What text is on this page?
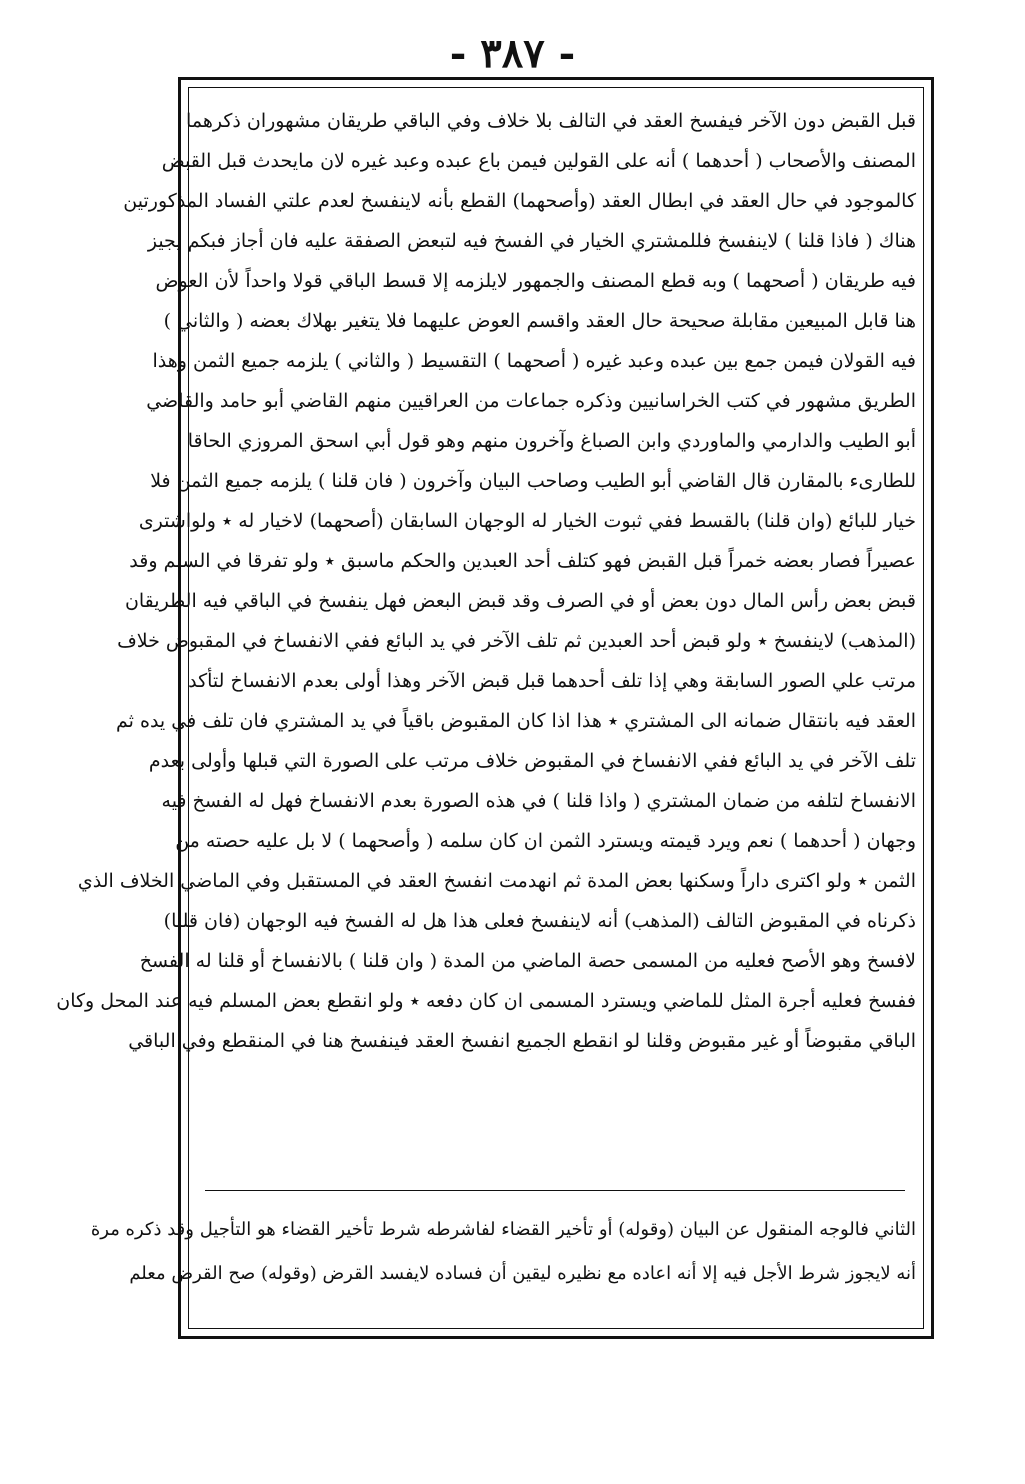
- ٣٨٧ -
قبل القبض دون الآخر فيفسخ العقد في التالف بلا خلاف وفي الباقي طريقان مشهوران ذكرهما
المصنف والأصحاب ( أحدهما ) أنه على القولين فيمن باع عبده وعبد غيره لان مايحدث قبل القبض
كالموجود في حال العقد في ابطال العقد (وأصحهما) القطع بأنه لاينفسخ لعدم علتي الفساد المذكورتين
هناك ( فاذا قلنا ) لاينفسخ فللمشتري الخيار في الفسخ فيه لتبعض الصفقة عليه فان أجاز فبكم يجيز
فيه طريقان ( أصحهما ) وبه قطع المصنف والجمهور لايلزمه إلا قسط الباقي قولا واحداً لأن العوض
هنا قابل المبيعين مقابلة صحيحة حال العقد واقسم العوض عليهما فلا يتغير بهلاك بعضه ( والثاني )
فيه القولان فيمن جمع بين عبده وعبد غيره ( أصحهما ) التقسيط ( والثاني ) يلزمه جميع الثمن وهذا
الطريق مشهور في كتب الخراسانيين وذكره جماعات من العراقيين منهم القاضي أبو حامد والقاضي
أبو الطيب والدارمي والماوردي وابن الصباغ وآخرون منهم وهو قول أبي اسحق المروزي الحاقا
للطارىء بالمقارن قال القاضي أبو الطيب وصاحب البيان وآخرون ( فان قلنا ) يلزمه جميع الثمن فلا
خيار للبائع (وان قلنا) بالقسط ففي ثبوت الخيار له الوجهان السابقان (أصحهما) لاخيار له ٭ ولواشترى
عصيراً فصار بعضه خمراً قبل القبض فهو كتلف أحد العبدين والحكم ماسبق ٭ ولو تفرقا في السلم وقد
قبض بعض رأس المال دون بعض أو في الصرف وقد قبض البعض فهل ينفسخ في الباقي فيه الطريقان
(المذهب) لاينفسخ ٭ ولو قبض أحد العبدين ثم تلف الآخر في يد البائع ففي الانفساخ في المقبوض خلاف
مرتب علي الصور السابقة وهي إذا تلف أحدهما قبل قبض الآخر وهذا أولى بعدم الانفساخ لتأكد
العقد فيه بانتقال ضمانه الى المشتري ٭ هذا اذا كان المقبوض باقياً في يد المشتري فان تلف في يده ثم
تلف الآخر في يد البائع ففي الانفساخ في المقبوض خلاف مرتب على الصورة التي قبلها وأولى بعدم
الانفساخ لتلفه من ضمان المشتري ( واذا قلنا ) في هذه الصورة بعدم الانفساخ فهل له الفسخ فيه
وجهان ( أحدهما ) نعم ويرد قيمته ويسترد الثمن ان كان سلمه ( وأصحهما ) لا بل عليه حصته من
الثمن ٭ ولو اكترى داراً وسكنها بعض المدة ثم انهدمت انفسخ العقد في المستقبل وفي الماضي الخلاف الذي
ذكرناه في المقبوض التالف (المذهب) أنه لاينفسخ فعلى هذا هل له الفسخ فيه الوجهان (فان قلنا)
لافسخ وهو الأصح فعليه من المسمى حصة الماضي من المدة ( وان قلنا ) بالانفساخ أو قلنا له الفسخ
ففسخ فعليه أجرة المثل للماضي ويسترد المسمى ان كان دفعه ٭ ولو انقطع بعض المسلم فيه عند المحل وكان
الباقي مقبوضاً أو غير مقبوض وقلنا لو انقطع الجميع انفسخ العقد فينفسخ هنا في المنقطع وفي الباقي
الثاني فالوجه المنقول عن البيان (وقوله) أو تأخير القضاء لفاشرطه شرط تأخير القضاء هو التأجيل وقد ذكره مرة
أنه لايجوز شرط الأجل فيه إلا أنه اعاده مع نظيره ليقين أن فساده لايفسد القرض (وقوله) صح القرض معلم
